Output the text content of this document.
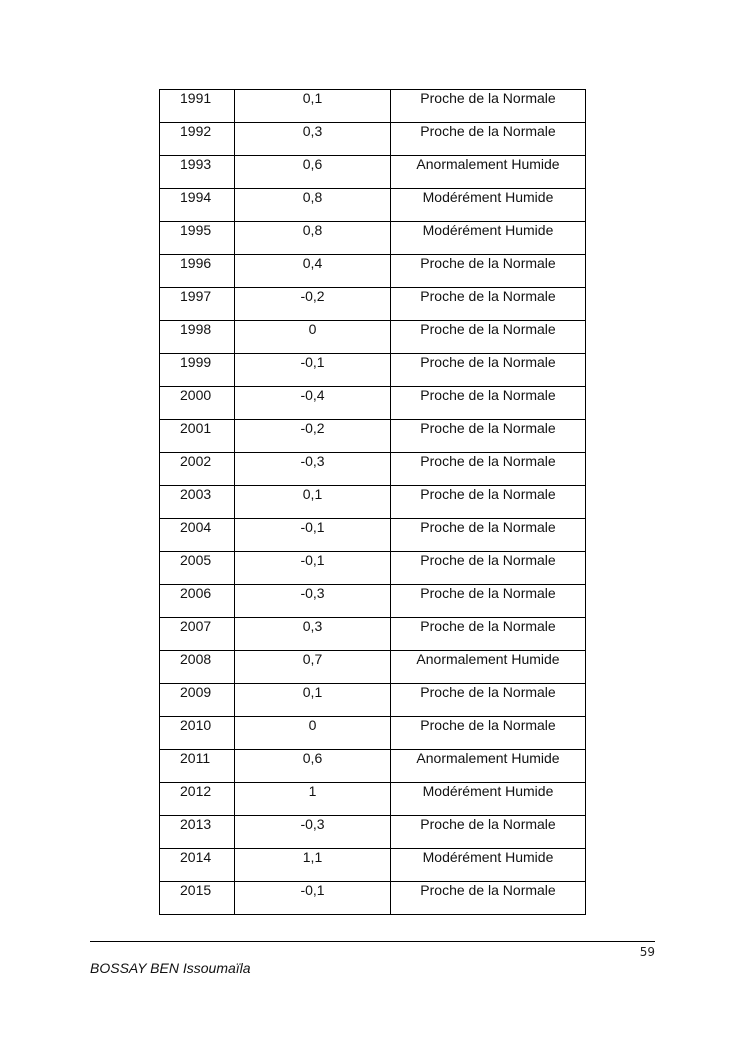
1991	0,1	Proche de la Normale

1992	0,3	Proche de la Normale

1993	0,6	Anormalement Humide

1994	0,8	Modérément Humide

1995	0,8	Modérément Humide

1996	0,4	Proche de la Normale

1997	-0,2	Proche de la Normale

1998	0	Proche de la Normale

1999	-0,1	Proche de la Normale

2000	-0,4	Proche de la Normale

2001	-0,2	Proche de la Normale

2002	-0,3	Proche de la Normale

2003	0,1	Proche de la Normale

2004	-0,1	Proche de la Normale

2005	-0,1	Proche de la Normale

2006	-0,3	Proche de la Normale

2007	0,3	Proche de la Normale

2008	0,7	Anormalement Humide

2009	0,1	Proche de la Normale

2010	0	Proche de la Normale

2011	0,6	Anormalement Humide

2012	1	Modérément Humide

2013	-0,3	Proche de la Normale

2014	1,1	Modérément Humide

2015	-0,1	Proche de la Normale
59
BOSSAY BEN Issoumaïla
